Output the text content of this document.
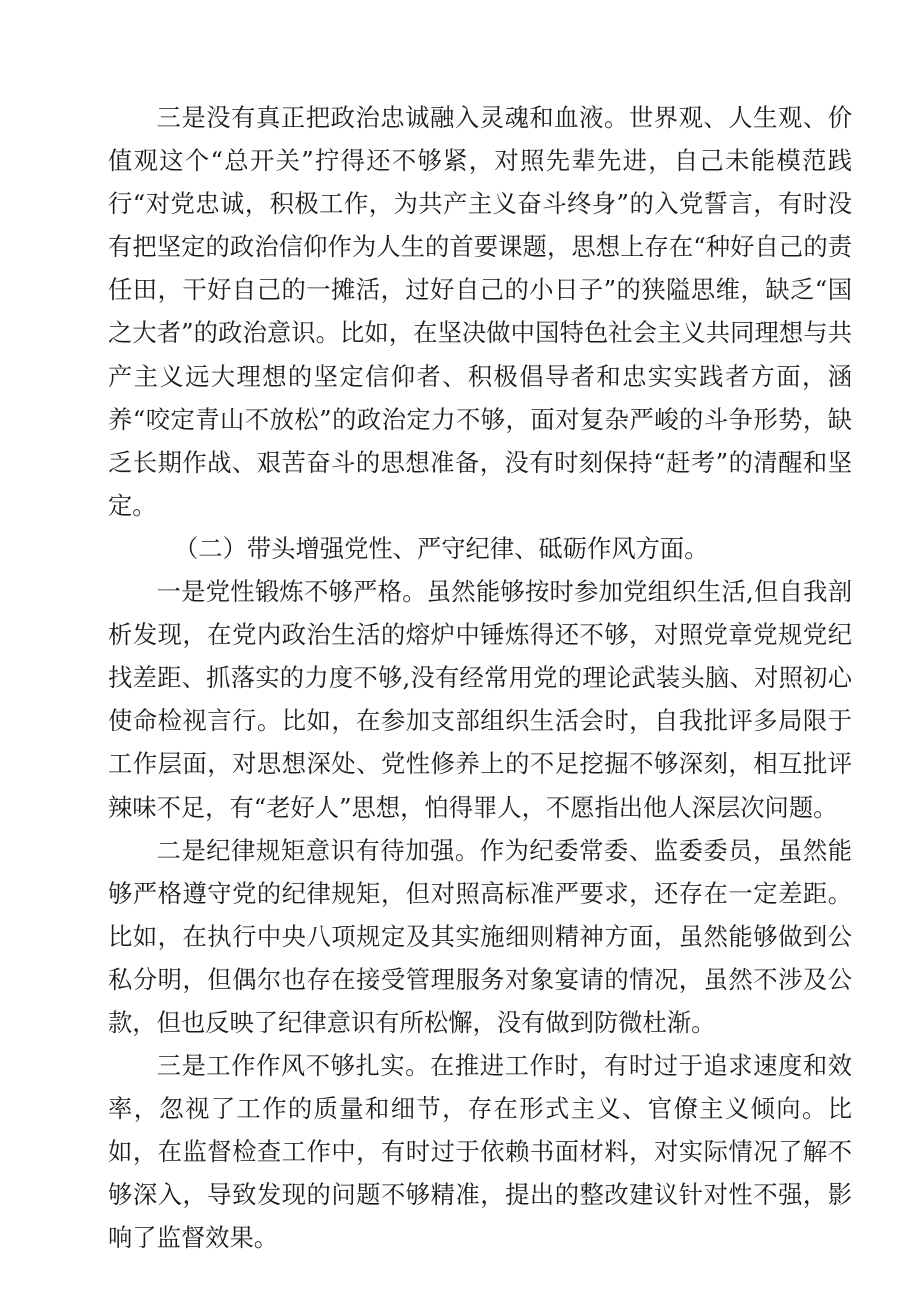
三是没有真正把政治忠诚融入灵魂和血液。世界观、人生观、价值观这个“总开关”拧得还不够紧，对照先辈先进，自己未能模范践行“对党忠诚，积极工作，为共产主义奋斗终身”的入党誓言，有时没有把坚定的政治信仰作为人生的首要课题，思想上存在“种好自己的责任田，干好自己的一摊活，过好自己的小日子”的狭隘思维，缺乏“国之大者”的政治意识。比如，在坚决做中国特色社会主义共同理想与共产主义远大理想的坚定信仰者、积极倡导者和忠实实践者方面，涵养“咬定青山不放松”的政治定力不够，面对复杂严峻的斗争形势，缺乏长期作战、艰苦奋斗的思想准备，没有时刻保持“赶考”的清醒和坚定。

（二）带头增强党性、严守纪律、砥砺作风方面。

一是党性锻炼不够严格。虽然能够按时参加党组织生活,但自我剖析发现，在党内政治生活的熔炉中锤炼得还不够，对照党章党规党纪找差距、抓落实的力度不够,没有经常用党的理论武装头脑、对照初心使命检视言行。比如，在参加支部组织生活会时，自我批评多局限于工作层面，对思想深处、党性修养上的不足挖掘不够深刻，相互批评辣味不足，有“老好人”思想，怕得罪人，不愿指出他人深层次问题。

二是纪律规矩意识有待加强。作为纪委常委、监委委员，虽然能够严格遵守党的纪律规矩，但对照高标准严要求，还存在一定差距。比如，在执行中央八项规定及其实施细则精神方面，虽然能够做到公私分明，但偶尔也存在接受管理服务对象宴请的情况，虽然不涉及公款，但也反映了纪律意识有所松懈，没有做到防微杜渐。

三是工作作风不够扎实。在推进工作时，有时过于追求速度和效率，忽视了工作的质量和细节，存在形式主义、官僚主义倾向。比如，在监督检查工作中，有时过于依赖书面材料，对实际情况了解不够深入，导致发现的问题不够精准，提出的整改建议针对性不强，影响了监督效果。
